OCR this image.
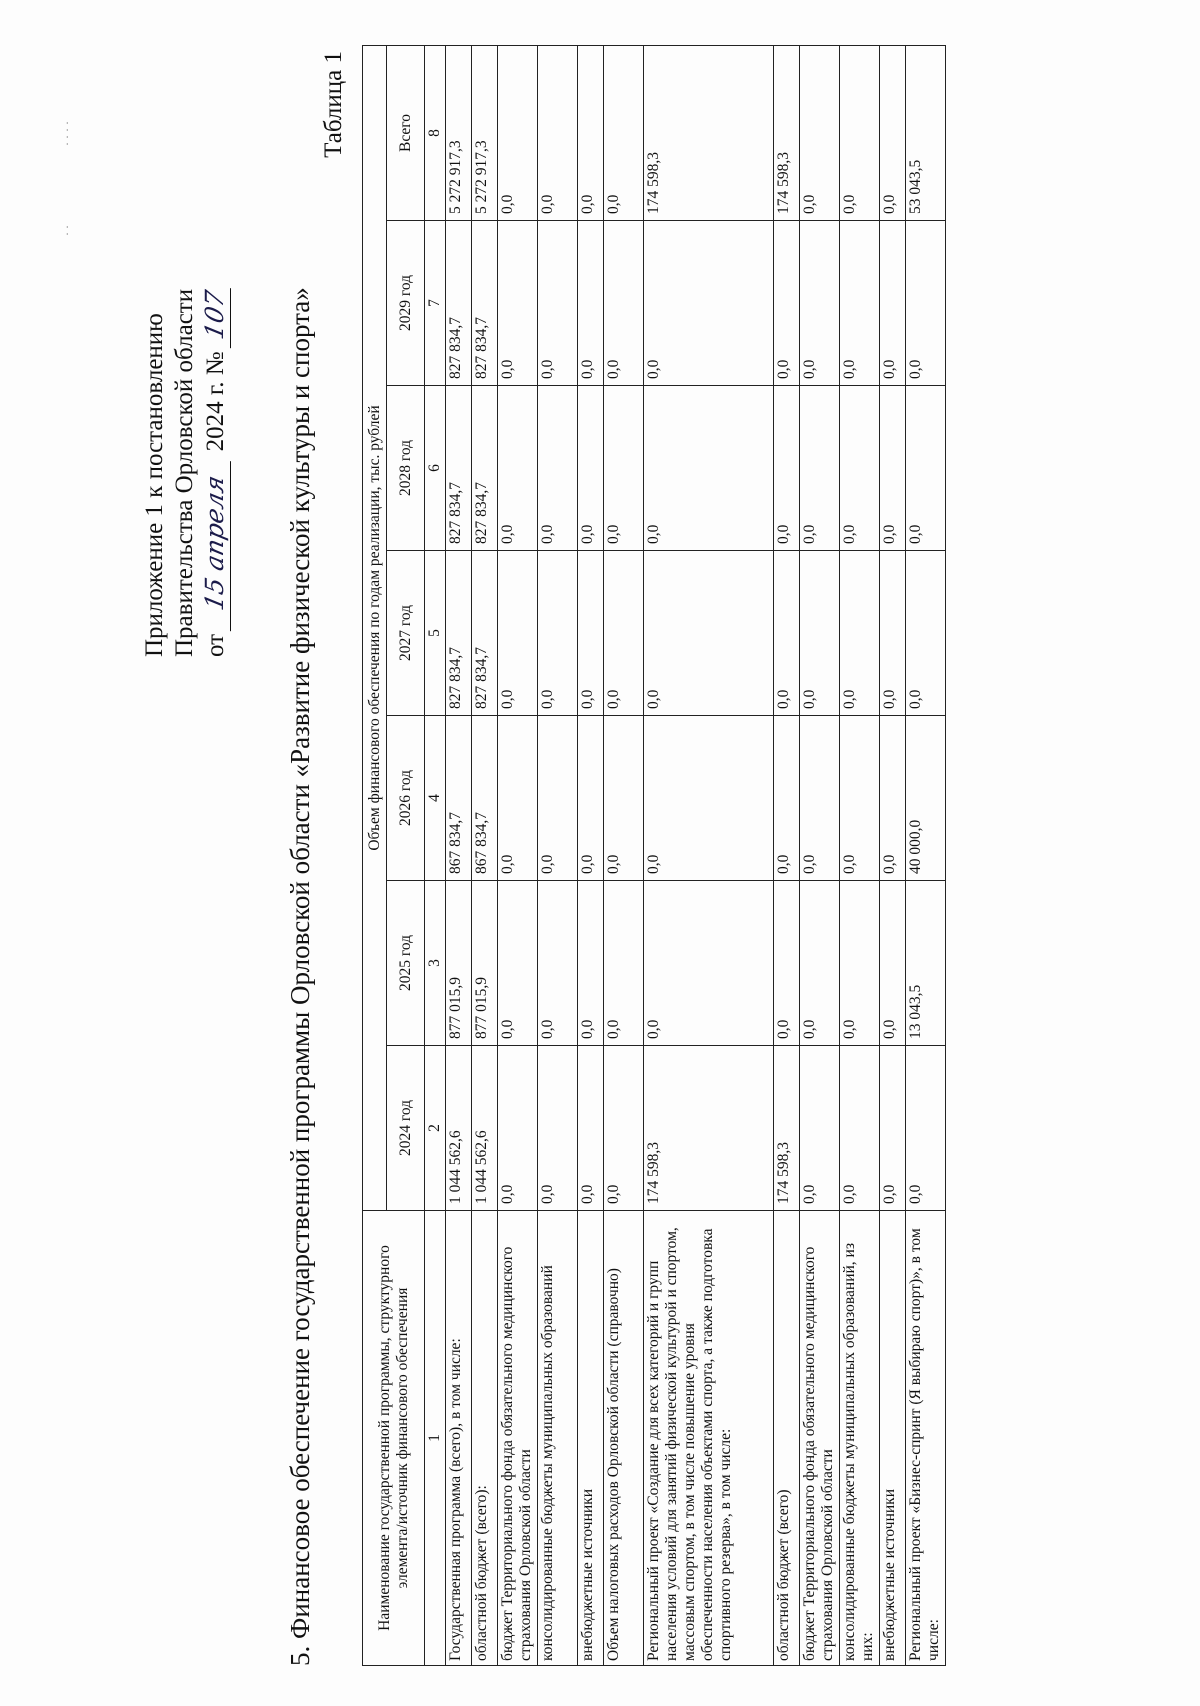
· · · ·
· ·
Приложение 1 к постановлению Правительства Орловской области от 15 апреля 2024 г. № 107 5. Финансовое обеспечение государственной программы Орловской области «Развитие физической культуры и спорта»
Таблица 1
Наименование государственной программы, структурного элемента/источник финансового обеспечения	Объем финансового обеспечения по годам реализации, тыс. рублей						
	2024 год	2025 год	2026 год	2027 год	2028 год	2029 год	Всего
1	2	3	4	5	6	7	8
Государственная программа (всего), в том числе:	1 044 562,6	877 015,9	867 834,7	827 834,7	827 834,7	827 834,7	5 272 917,3
областной бюджет (всего):	1 044 562,6	877 015,9	867 834,7	827 834,7	827 834,7	827 834,7	5 272 917,3
бюджет Территориального фонда обязательного медицинского страхования Орловской области	0,0	0,0	0,0	0,0	0,0	0,0	0,0
консолидированные бюджеты муниципальных образований	0,0	0,0	0,0	0,0	0,0	0,0	0,0
внебюджетные источники	0,0	0,0	0,0	0,0	0,0	0,0	0,0
Объем налоговых расходов Орловской области (справочно)	0,0	0,0	0,0	0,0	0,0	0,0	0,0
Региональный проект «Создание для всех категорий и групп населения условий для занятий физической культурой и спортом, массовым спортом, в том числе повышение уровня обеспеченности населения объектами спорта, а также подготовка спортивного резерва», в том числе:	174 598,3	0,0	0,0	0,0	0,0	0,0	174 598,3
областной бюджет (всего)	174 598,3	0,0	0,0	0,0	0,0	0,0	174 598,3
бюджет Территориального фонда обязательного медицинского страхования Орловской области	0,0	0,0	0,0	0,0	0,0	0,0	0,0
консолидированные бюджеты муниципальных образований, из них:	0,0	0,0	0,0	0,0	0,0	0,0	0,0
внебюджетные источники	0,0	0,0	0,0	0,0	0,0	0,0	0,0
Региональный проект «Бизнес-спринт (Я выбираю спорт)», в том числе:	0,0	13 043,5	40 000,0	0,0	0,0	0,0	53 043,5
